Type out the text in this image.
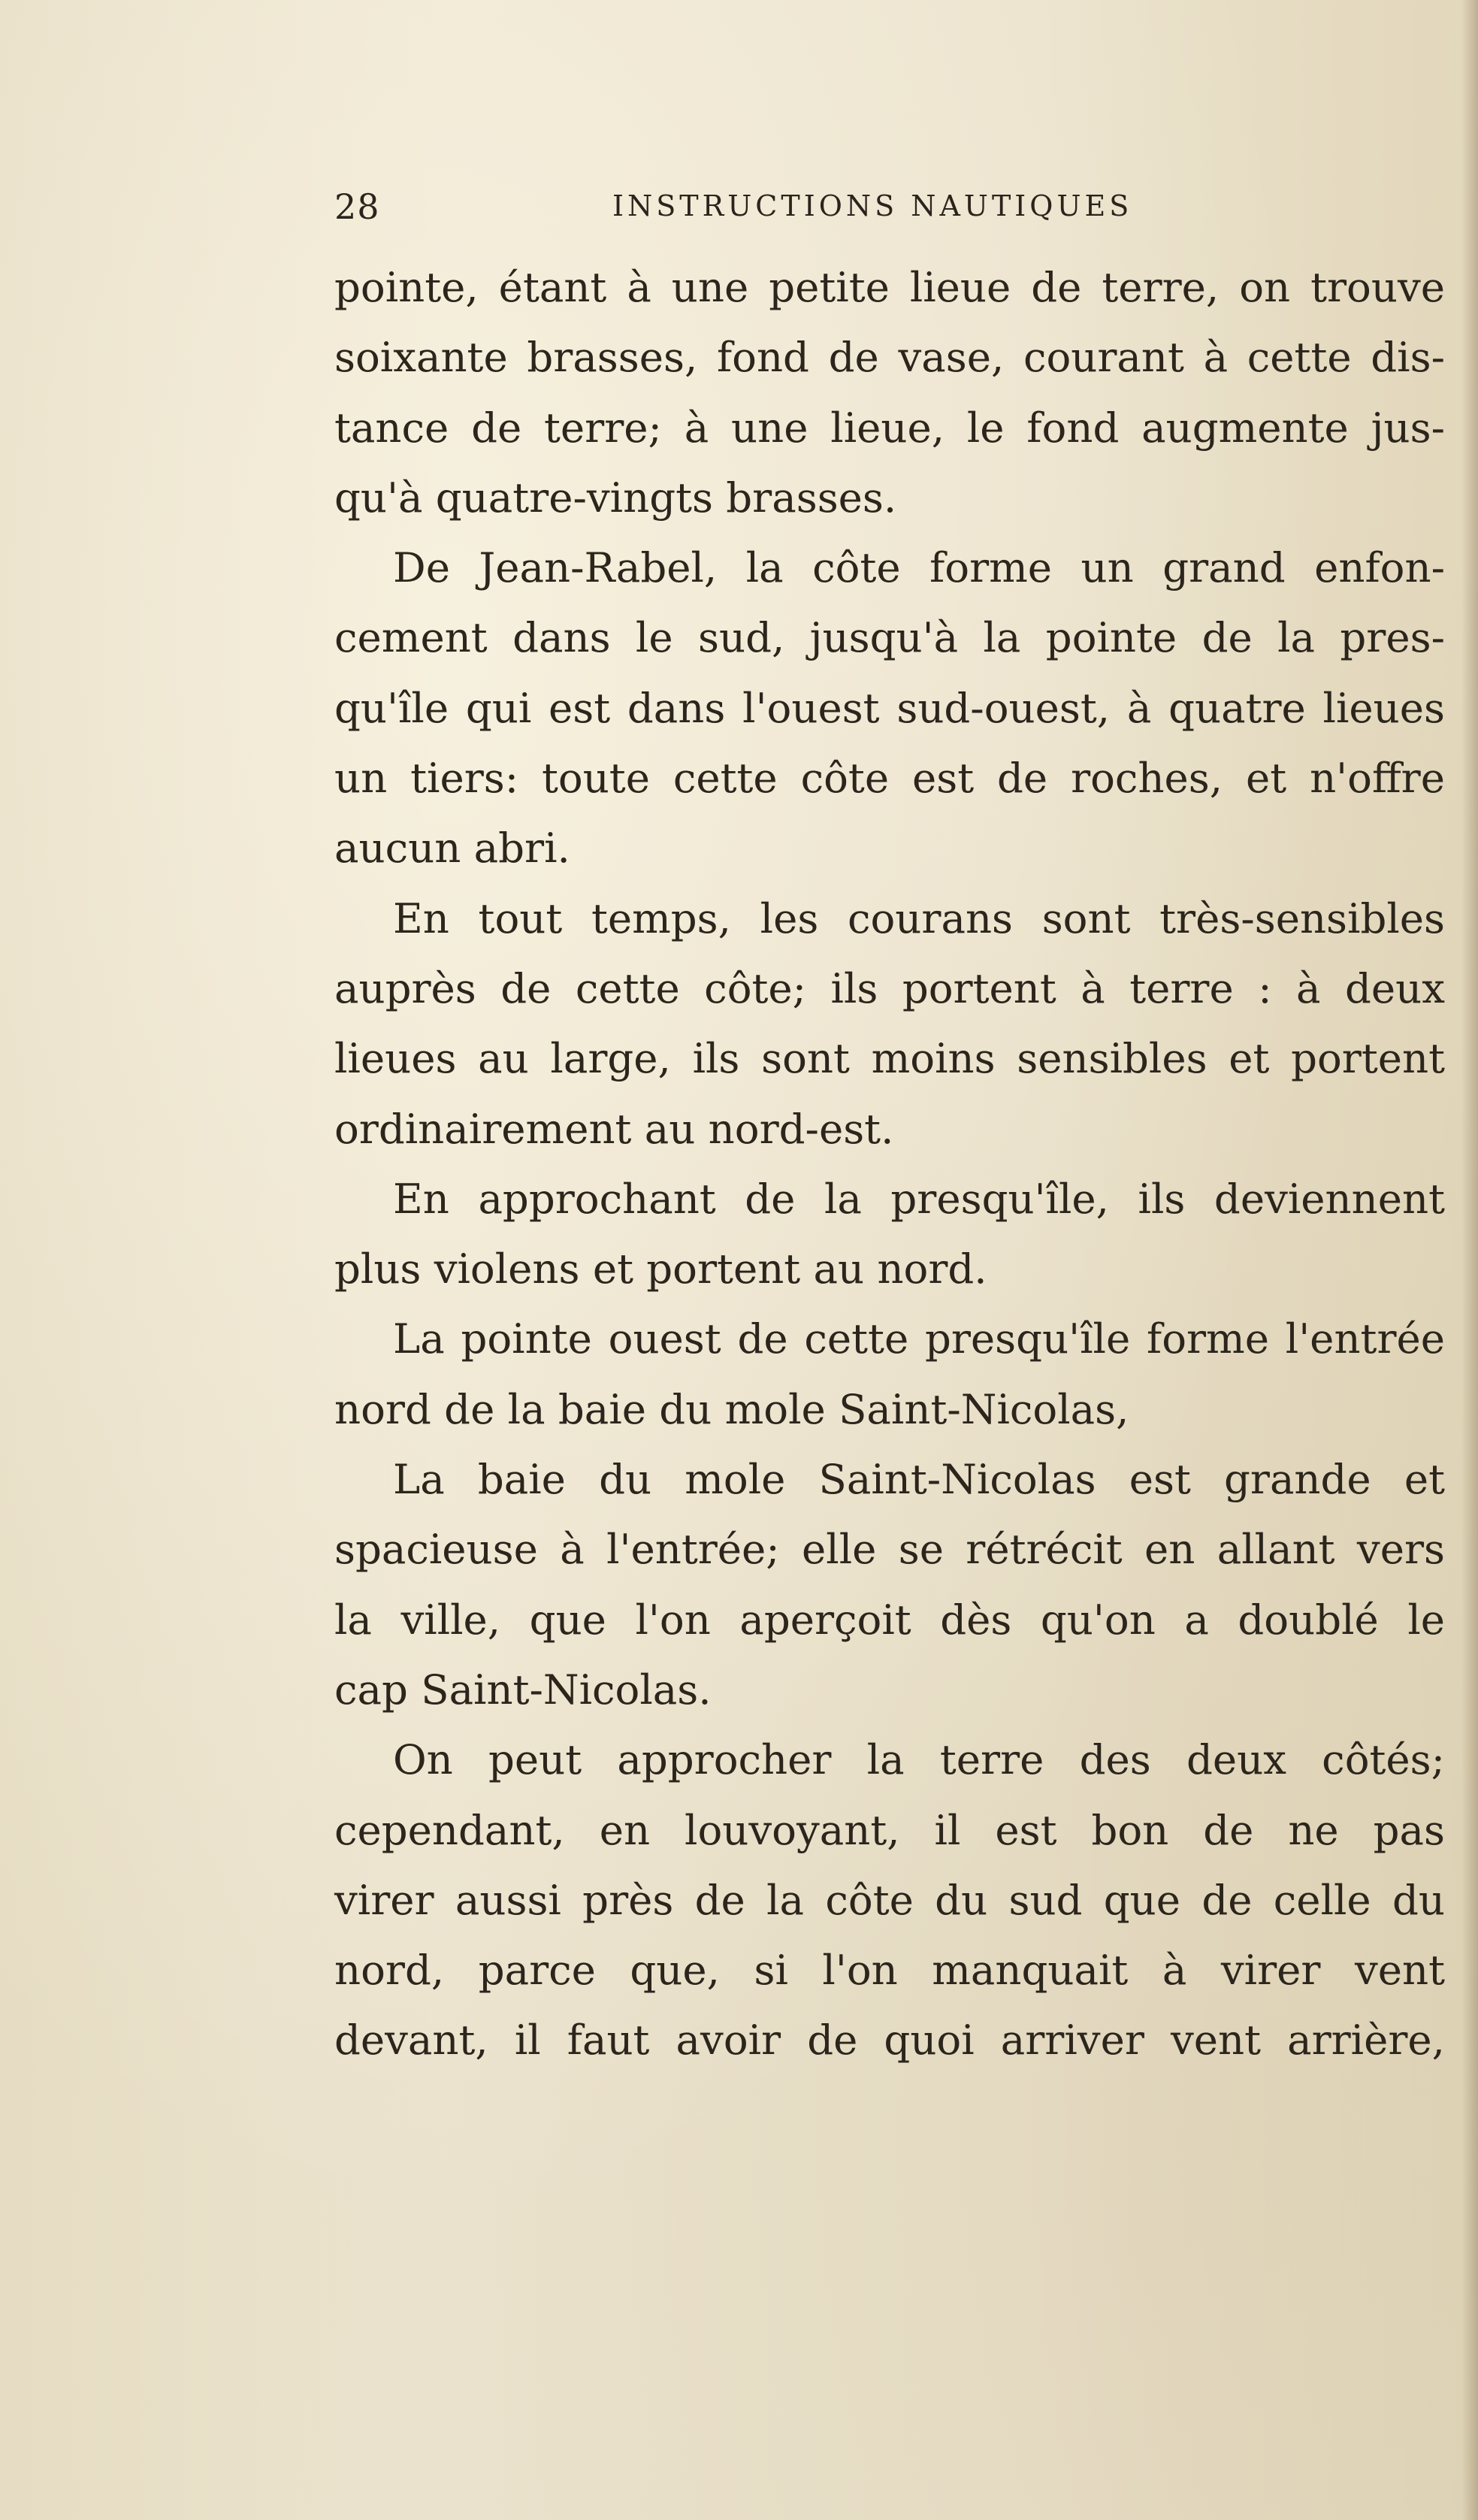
28	INSTRUCTIONS NAUTIQUES
pointe, étant à une petite lieue de terre, on trouve
soixante brasses, fond de vase, courant à cette dis-
tance de terre; à une lieue, le fond augmente jus-
qu'à quatre-vingts brasses.
De Jean-Rabel, la côte forme un grand enfon-
cement dans le sud, jusqu'à la pointe de la pres-
qu'île qui est dans l'ouest sud-ouest, à quatre lieues
un tiers: toute cette côte est de roches, et n'offre
aucun abri.
En tout temps, les courans sont très-sensibles
auprès de cette côte; ils portent à terre : à deux
lieues au large, ils sont moins sensibles et portent
ordinairement au nord-est.
En approchant de la presqu'île, ils deviennent
plus violens et portent au nord.
La pointe ouest de cette presqu'île forme l'entrée
nord de la baie du mole Saint-Nicolas,
La baie du mole Saint-Nicolas est grande et
spacieuse à l'entrée; elle se rétrécit en allant vers
la ville, que l'on aperçoit dès qu'on a doublé le
cap Saint-Nicolas.
On peut approcher la terre des deux côtés;
cependant, en louvoyant, il est bon de ne pas
virer aussi près de la côte du sud que de celle du
nord, parce que, si l'on manquait à virer vent
devant, il faut avoir de quoi arriver vent arrière,
